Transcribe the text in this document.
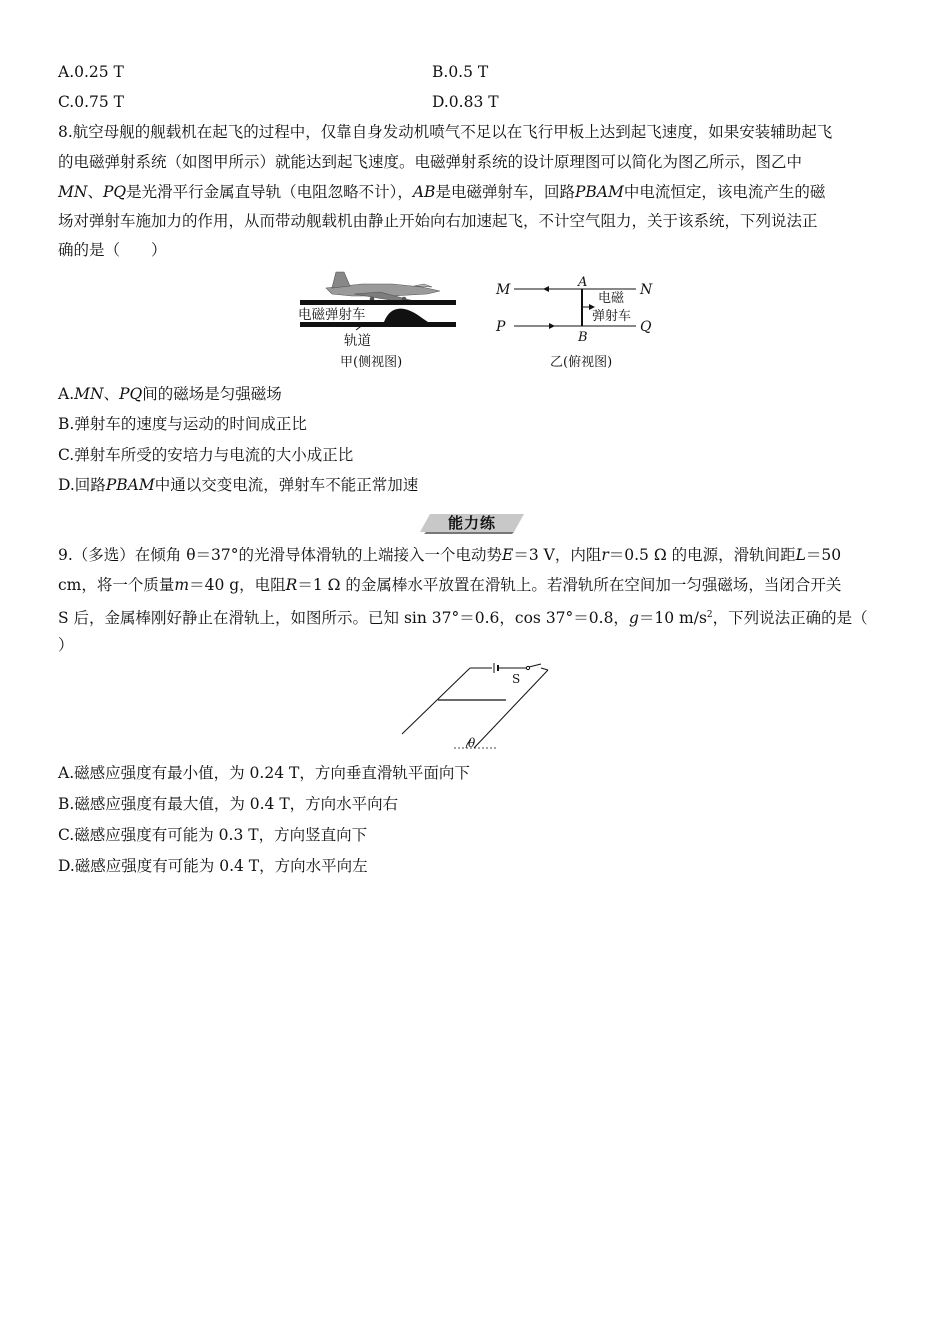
A.0.25 T	B.0.5 T
C.0.75 T	D.0.83 T
8.航空母舰的舰载机在起飞的过程中，仅靠自身发动机喷气不足以在飞行甲板上达到起飞速度，如果安装辅助起飞
的电磁弹射系统（如图甲所示）就能达到起飞速度。电磁弹射系统的设计原理图可以简化为图乙所示，图乙中
MN、PQ是光滑平行金属直导轨（电阻忽略不计），AB是电磁弹射车，回路PBAM中电流恒定，该电流产生的磁
场对弹射车施加力的作用，从而带动舰载机由静止开始向右加速起飞，不计空气阻力，关于该系统，下列说法正
确的是（　　）
电磁弹射车
轨道
甲(侧视图)
M	N
P	Q
A
B
电磁
弹射车
乙(俯视图)
A.MN、PQ间的磁场是匀强磁场
B.弹射车的速度与运动的时间成正比
C.弹射车所受的安培力与电流的大小成正比
D.回路PBAM中通以交变电流，弹射车不能正常加速
能力练
9.（多选）在倾角 θ＝37°的光滑导体滑轨的上端接入一个电动势E＝3 V，内阻r＝0.5 Ω 的电源，滑轨间距L＝50
cm，将一个质量m＝40 g，电阻R＝1 Ω 的金属棒水平放置在滑轨上。若滑轨所在空间加一匀强磁场，当闭合开关
S 后，金属棒刚好静止在滑轨上，如图所示。已知 sin 37°＝0.6，cos 37°＝0.8，g＝10 $m/s^2$，下列说法正确的是（
）
S
θ
A.磁感应强度有最小值，为 0.24 T，方向垂直滑轨平面向下
B.磁感应强度有最大值，为 0.4 T，方向水平向右
C.磁感应强度有可能为 0.3 T，方向竖直向下
D.磁感应强度有可能为 0.4 T，方向水平向左
